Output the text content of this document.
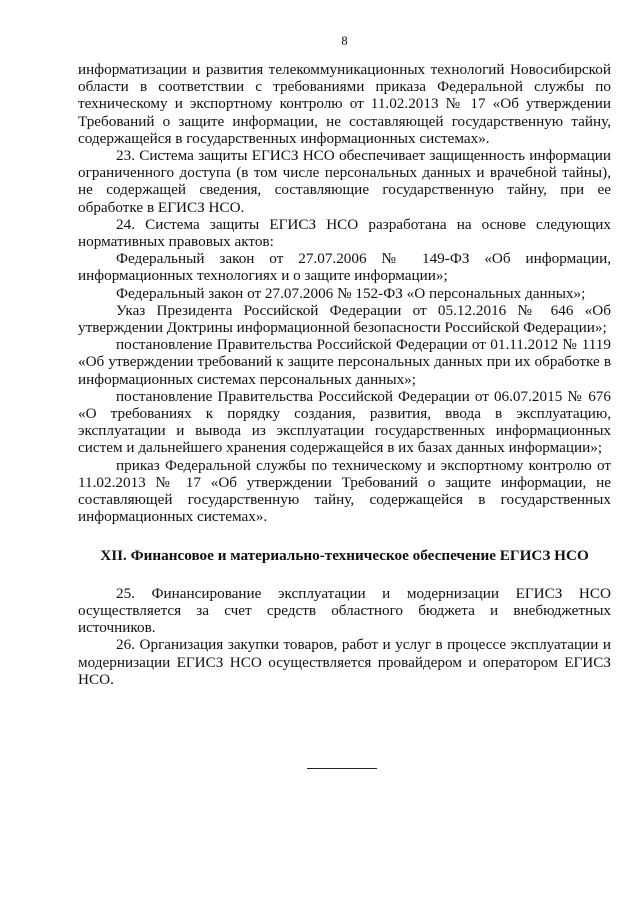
8

информатизации и развития телекоммуникационных технологий Новосибирской области в соответствии с требованиями приказа Федеральной службы по техническому и экспортному контролю от 11.02.2013 № 17 «Об утверждении Требований о защите информации, не составляющей государственную тайну, содержащейся в государственных информационных системах».

23. Система защиты ЕГИСЗ НСО обеспечивает защищенность информации ограниченного доступа (в том числе персональных данных и врачебной тайны), не содержащей сведения, составляющие государственную тайну, при ее обработке в ЕГИСЗ НСО.

24. Система защиты ЕГИСЗ НСО разработана на основе следующих нормативных правовых актов:

Федеральный закон от 27.07.2006 № 149-ФЗ «Об информации, информационных технологиях и о защите информации»;

Федеральный закон от 27.07.2006 № 152-ФЗ «О персональных данных»;

Указ Президента Российской Федерации от 05.12.2016 № 646 «Об утверждении Доктрины информационной безопасности Российской Федерации»;

постановление Правительства Российской Федерации от 01.11.2012 № 1119 «Об утверждении требований к защите персональных данных при их обработке в информационных системах персональных данных»;

постановление Правительства Российской Федерации от 06.07.2015 № 676 «О требованиях к порядку создания, развития, ввода в эксплуатацию, эксплуатации и вывода из эксплуатации государственных информационных систем и дальнейшего хранения содержащейся в их базах данных информации»;

приказ Федеральной службы по техническому и экспортному контролю от 11.02.2013 № 17 «Об утверждении Требований о защите информации, не составляющей государственную тайну, содержащейся в государственных информационных системах».

XII. Финансовое и материально-техническое обеспечение ЕГИСЗ НСО

25. Финансирование эксплуатации и модернизации ЕГИСЗ НСО осуществляется за счет средств областного бюджета и внебюджетных источников.

26. Организация закупки товаров, работ и услуг в процессе эксплуатации и модернизации ЕГИСЗ НСО осуществляется провайдером и оператором ЕГИСЗ НСО.
